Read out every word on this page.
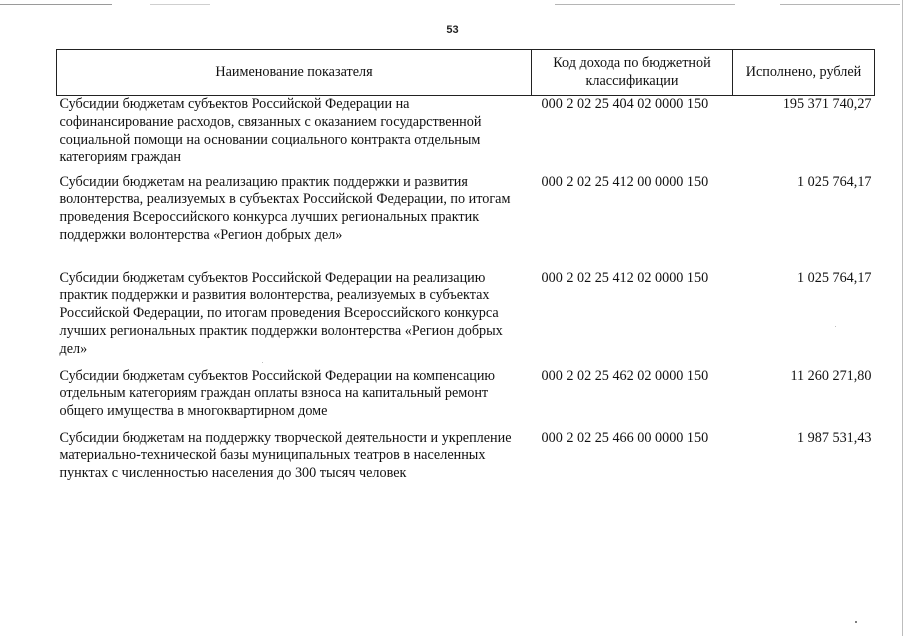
53
Наименование показателя	Код дохода по бюджетной классификации	Исполнено, рублей
Субсидии бюджетам субъектов Российской Федерации на софинансирование расходов, связанных с оказанием государственной социальной помощи на основании социального контракта отдельным категориям граждан	000 2 02 25 404 02 0000 150	195 371 740,27
Субсидии бюджетам на реализацию практик поддержки и развития волонтерства, реализуемых в субъектах Российской Федерации, по итогам проведения Всероссийского конкурса лучших региональных практик поддержки волонтерства «Регион добрых дел»	000 2 02 25 412 00 0000 150	1 025 764,17
Субсидии бюджетам субъектов Российской Федерации на реализацию практик поддержки и развития волонтерства, реализуемых в субъектах Российской Федерации, по итогам проведения Всероссийского конкурса лучших региональных практик поддержки волонтерства «Регион добрых дел»	000 2 02 25 412 02 0000 150	1 025 764,17
Субсидии бюджетам субъектов Российской Федерации на компенсацию отдельным категориям граждан оплаты взноса на капитальный ремонт общего имущества в многоквартирном доме	000 2 02 25 462 02 0000 150	11 260 271,80
Субсидии бюджетам на поддержку творческой деятельности и укрепление материально-технической базы муниципальных театров в населенных пунктах с численностью населения до 300 тысяч человек	000 2 02 25 466 00 0000 150	1 987 531,43
